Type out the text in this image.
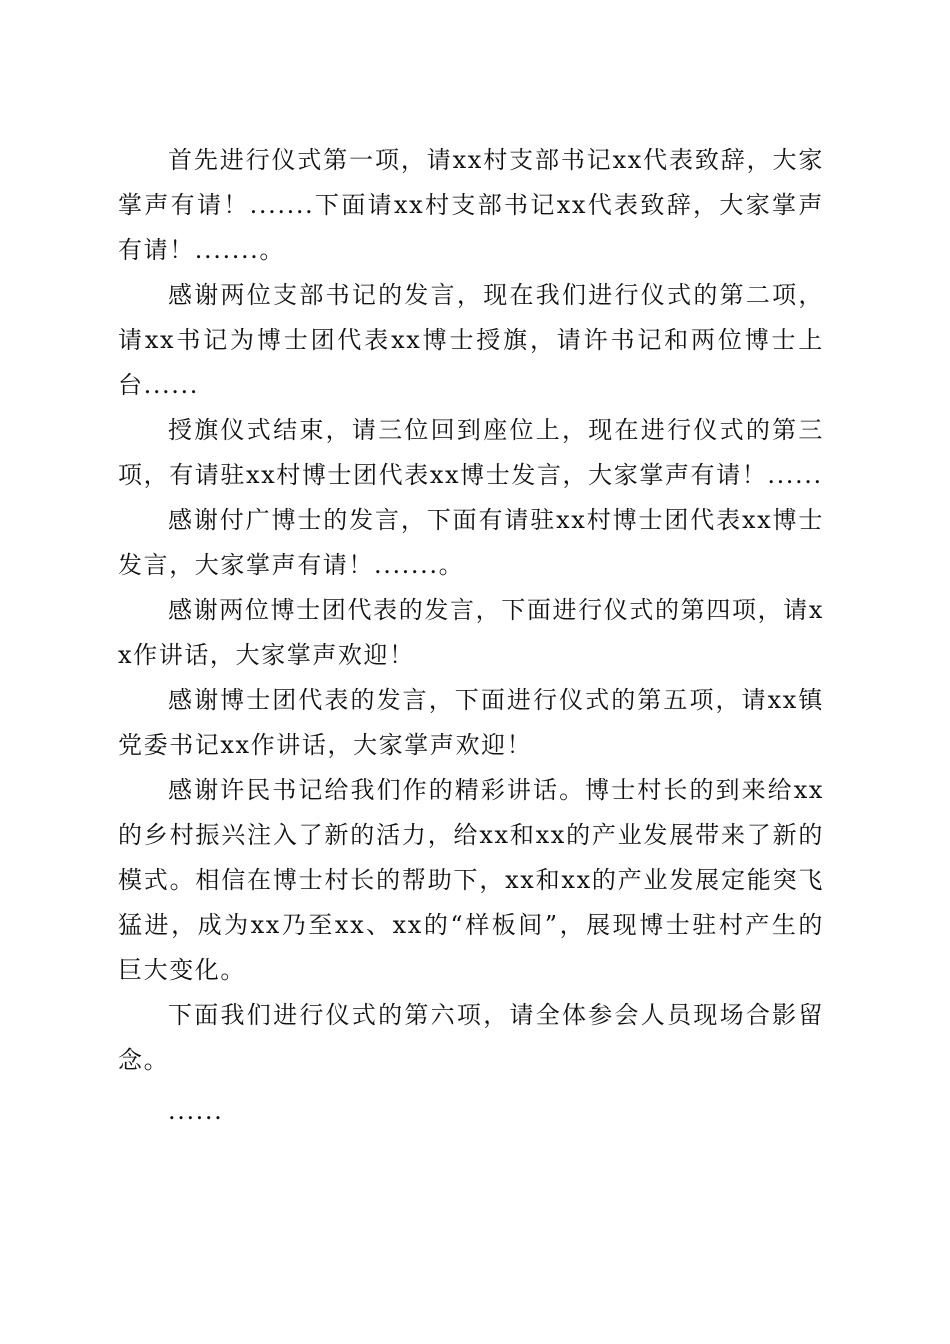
首先进行仪式第一项，请xx村支部书记xx代表致辞，大家掌声有请！.......下面请xx村支部书记xx代表致辞，大家掌声有请！.......。

感谢两位支部书记的发言，现在我们进行仪式的第二项，请xx书记为博士团代表xx博士授旗，请许书记和两位博士上台......

授旗仪式结束，请三位回到座位上，现在进行仪式的第三项，有请驻xx村博士团代表xx博士发言，大家掌声有请！......

感谢付广博士的发言，下面有请驻xx村博士团代表xx博士发言，大家掌声有请！.......。

感谢两位博士团代表的发言，下面进行仪式的第四项，请xx作讲话，大家掌声欢迎！

感谢博士团代表的发言，下面进行仪式的第五项，请xx镇党委书记xx作讲话，大家掌声欢迎！

感谢许民书记给我们作的精彩讲话。博士村长的到来给xx的乡村振兴注入了新的活力，给xx和xx的产业发展带来了新的模式。相信在博士村长的帮助下，xx和xx的产业发展定能突飞猛进，成为xx乃至xx、xx的“样板间”，展现博士驻村产生的巨大变化。

下面我们进行仪式的第六项，请全体参会人员现场合影留念。

......
